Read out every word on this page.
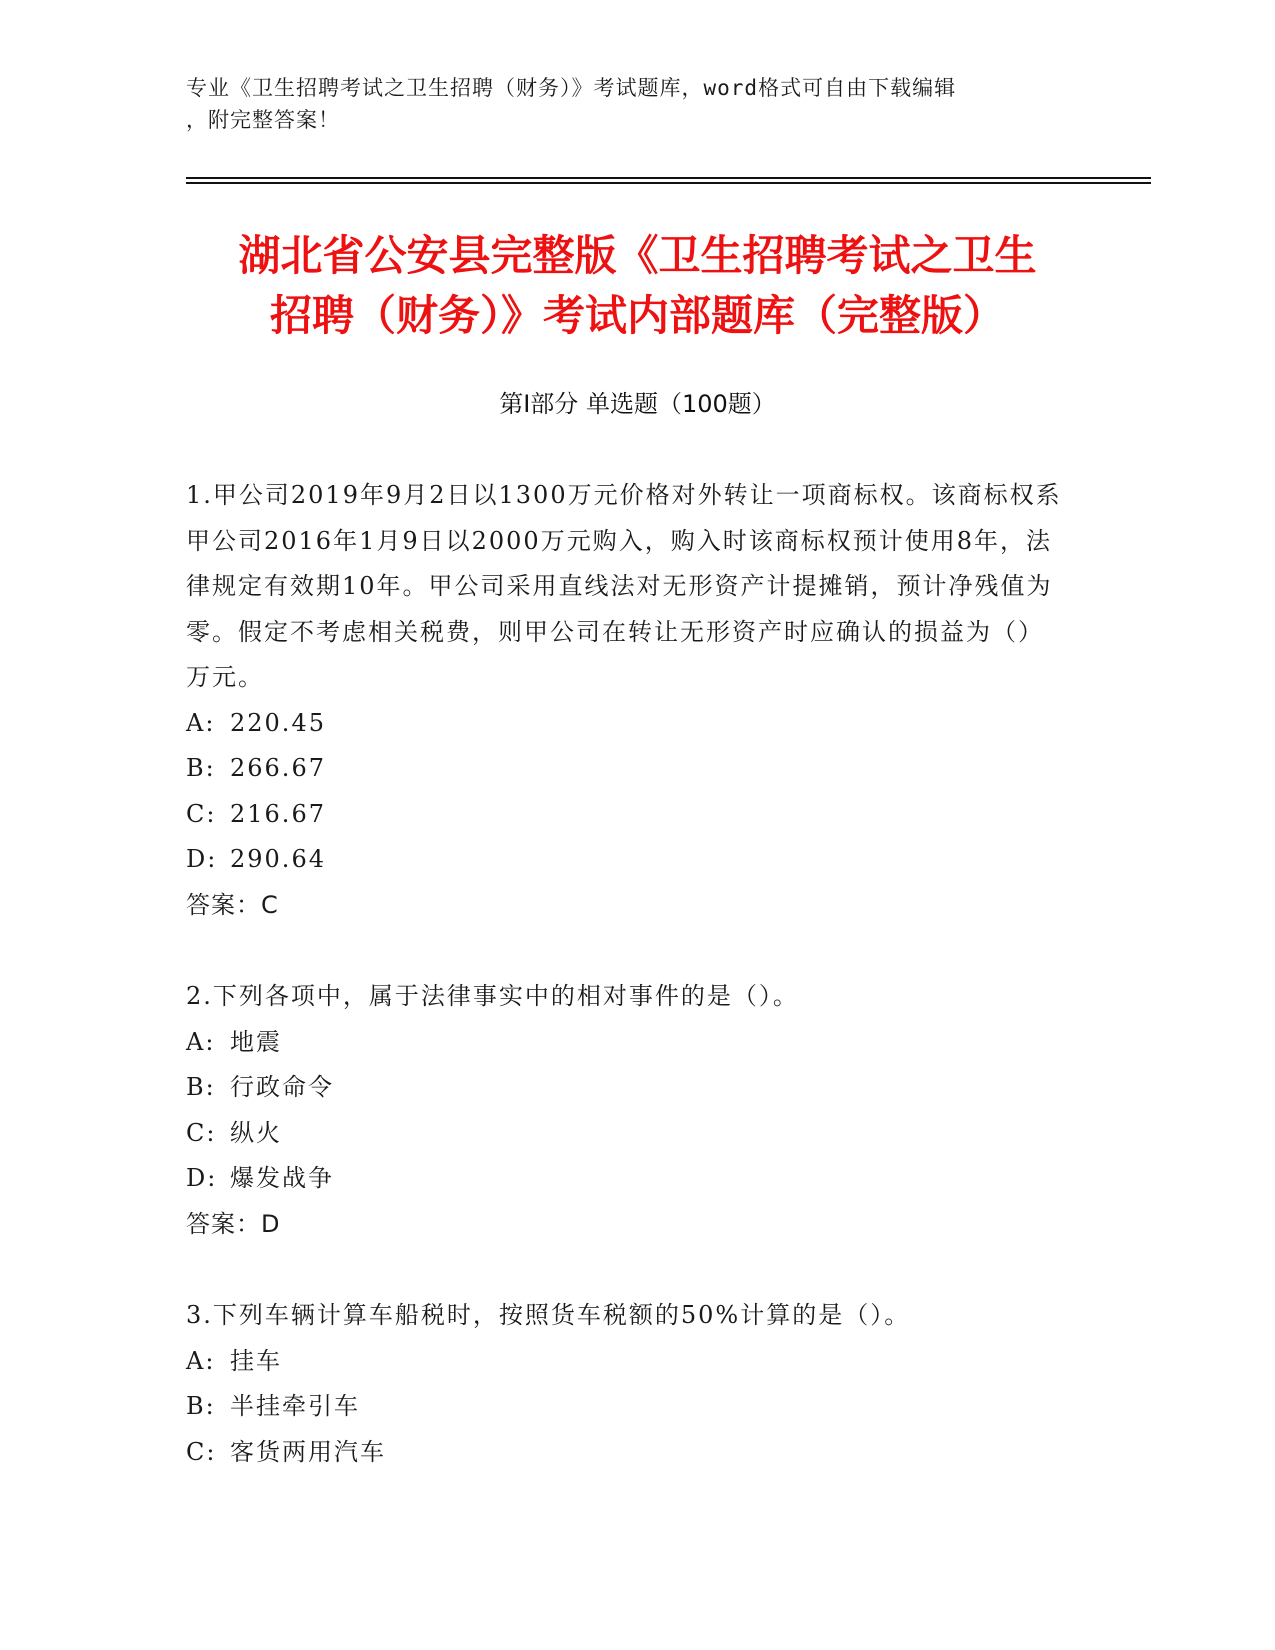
专业《卫生招聘考试之卫生招聘（财务）》考试题库，word格式可自由下载编辑
，附完整答案！
湖北省公安县完整版《卫生招聘考试之卫生
招聘（财务）》考试内部题库（完整版）
第Ⅰ部分 单选题（100题）

1.甲公司2019年9月2日以1300万元价格对外转让一项商标权。该商标权系甲公司2016年1月9日以2000万元购入，购入时该商标权预计使用8年，法律规定有效期10年。甲公司采用直线法对无形资产计提摊销，预计净残值为零。假定不考虑相关税费，则甲公司在转让无形资产时应确认的损益为（）万元。

A: 220.45
B: 266.67
C: 216.67
D: 290.64
答案：C

2.下列各项中，属于法律事实中的相对事件的是（）。

A: 地震
B: 行政命令
C: 纵火
D: 爆发战争
答案：D

3.下列车辆计算车船税时，按照货车税额的50%计算的是（）。

A: 挂车
B: 半挂牵引车
C: 客货两用汽车
